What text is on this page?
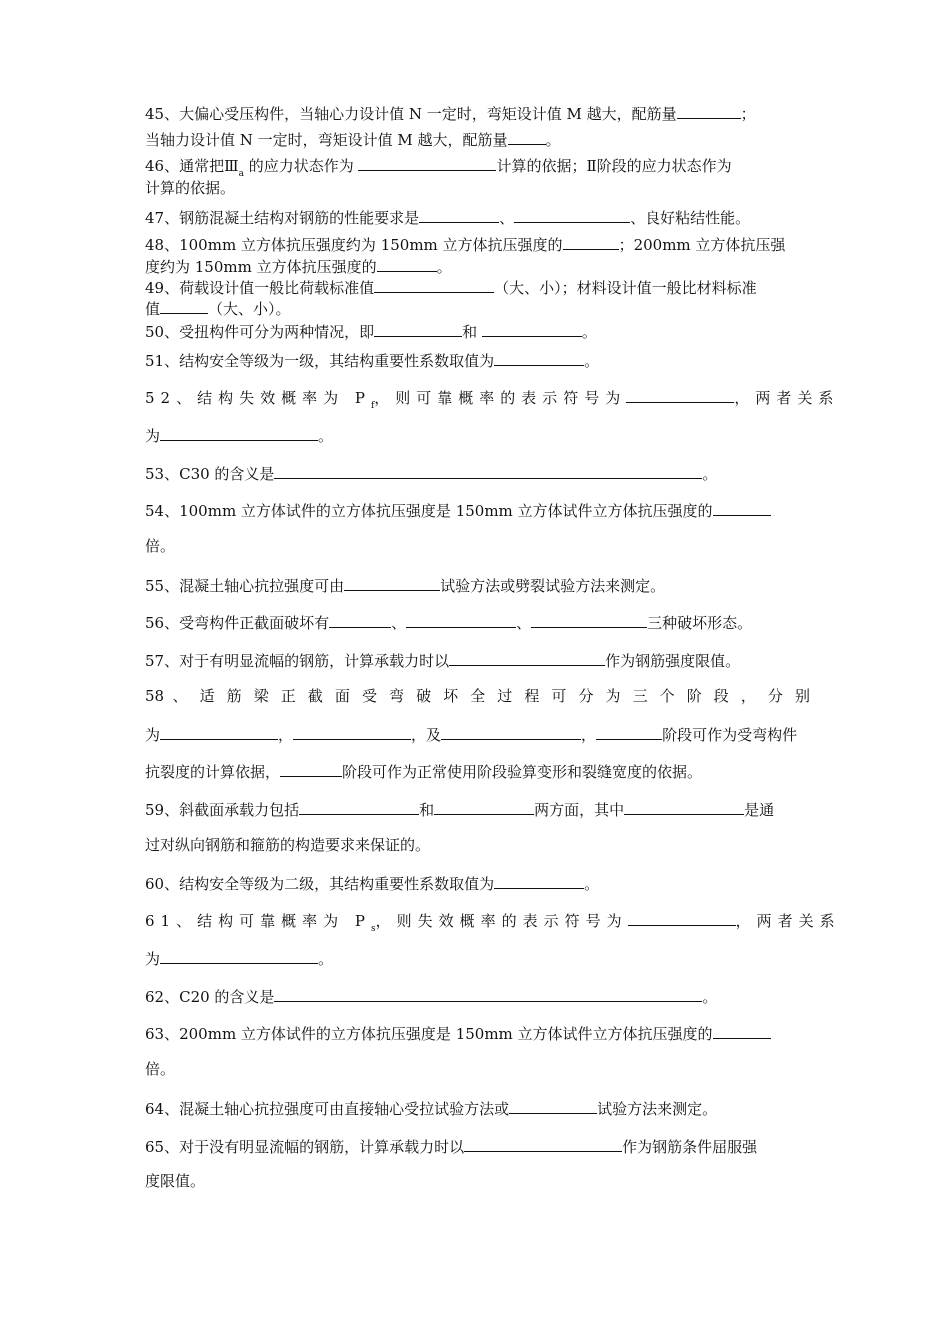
45、大偏心受压构件，当轴心力设计值 N 一定时，弯矩设计值 M 越大，配筋量	；
当轴力设计值 N 一定时，弯矩设计值 M 越大，配筋量	。
46、通常把$Ⅲ_a$ 的应力状态作为	计算的依据；Ⅱ阶段的应力状态作为
计算的依据。
47、钢筋混凝土结构对钢筋的性能要求是	、	、良好粘结性能。
48、100mm 立方体抗压强度约为 150mm 立方体抗压强度的	；200mm 立方体抗压强
度约为 150mm 立方体抗压强度的	。
49、荷载设计值一般比荷载标准值	（大、小）；材料设计值一般比材料标准
值	（大、小）。
50、受扭构件可分为两种情况，即	和	。
51、结构安全等级为一级，其结构重要性系数取值为	。
52、结构失效概率为 $P_f$，则可靠概率的表示符号为	，两者关系
为	。
53、C30 的含义是	。
54、100mm 立方体试件的立方体抗压强度是 150mm 立方体试件立方体抗压强度的
倍。
55、混凝土轴心抗拉强度可由	试验方法或劈裂试验方法来测定。
56、受弯构件正截面破坏有	、	、	三种破坏形态。
57、对于有明显流幅的钢筋，计算承载力时以	作为钢筋强度限值。
58 、 适 筋 梁 正 截 面 受 弯 破 坏 全 过 程 可 分 为 三 个 阶 段 ， 分 别
为	，	，及	，	阶段可作为受弯构件
抗裂度的计算依据，	阶段可作为正常使用阶段验算变形和裂缝宽度的依据。
59、斜截面承载力包括	和	两方面，其中	是通
过对纵向钢筋和箍筋的构造要求来保证的。
60、结构安全等级为二级，其结构重要性系数取值为	。
61、结构可靠概率为 $P_s$，则失效概率的表示符号为	，两者关系
为	。
62、C20 的含义是	。
63、200mm 立方体试件的立方体抗压强度是 150mm 立方体试件立方体抗压强度的
倍。
64、混凝土轴心抗拉强度可由直接轴心受拉试验方法或	试验方法来测定。
65、对于没有明显流幅的钢筋，计算承载力时以	作为钢筋条件屈服强
度限值。
